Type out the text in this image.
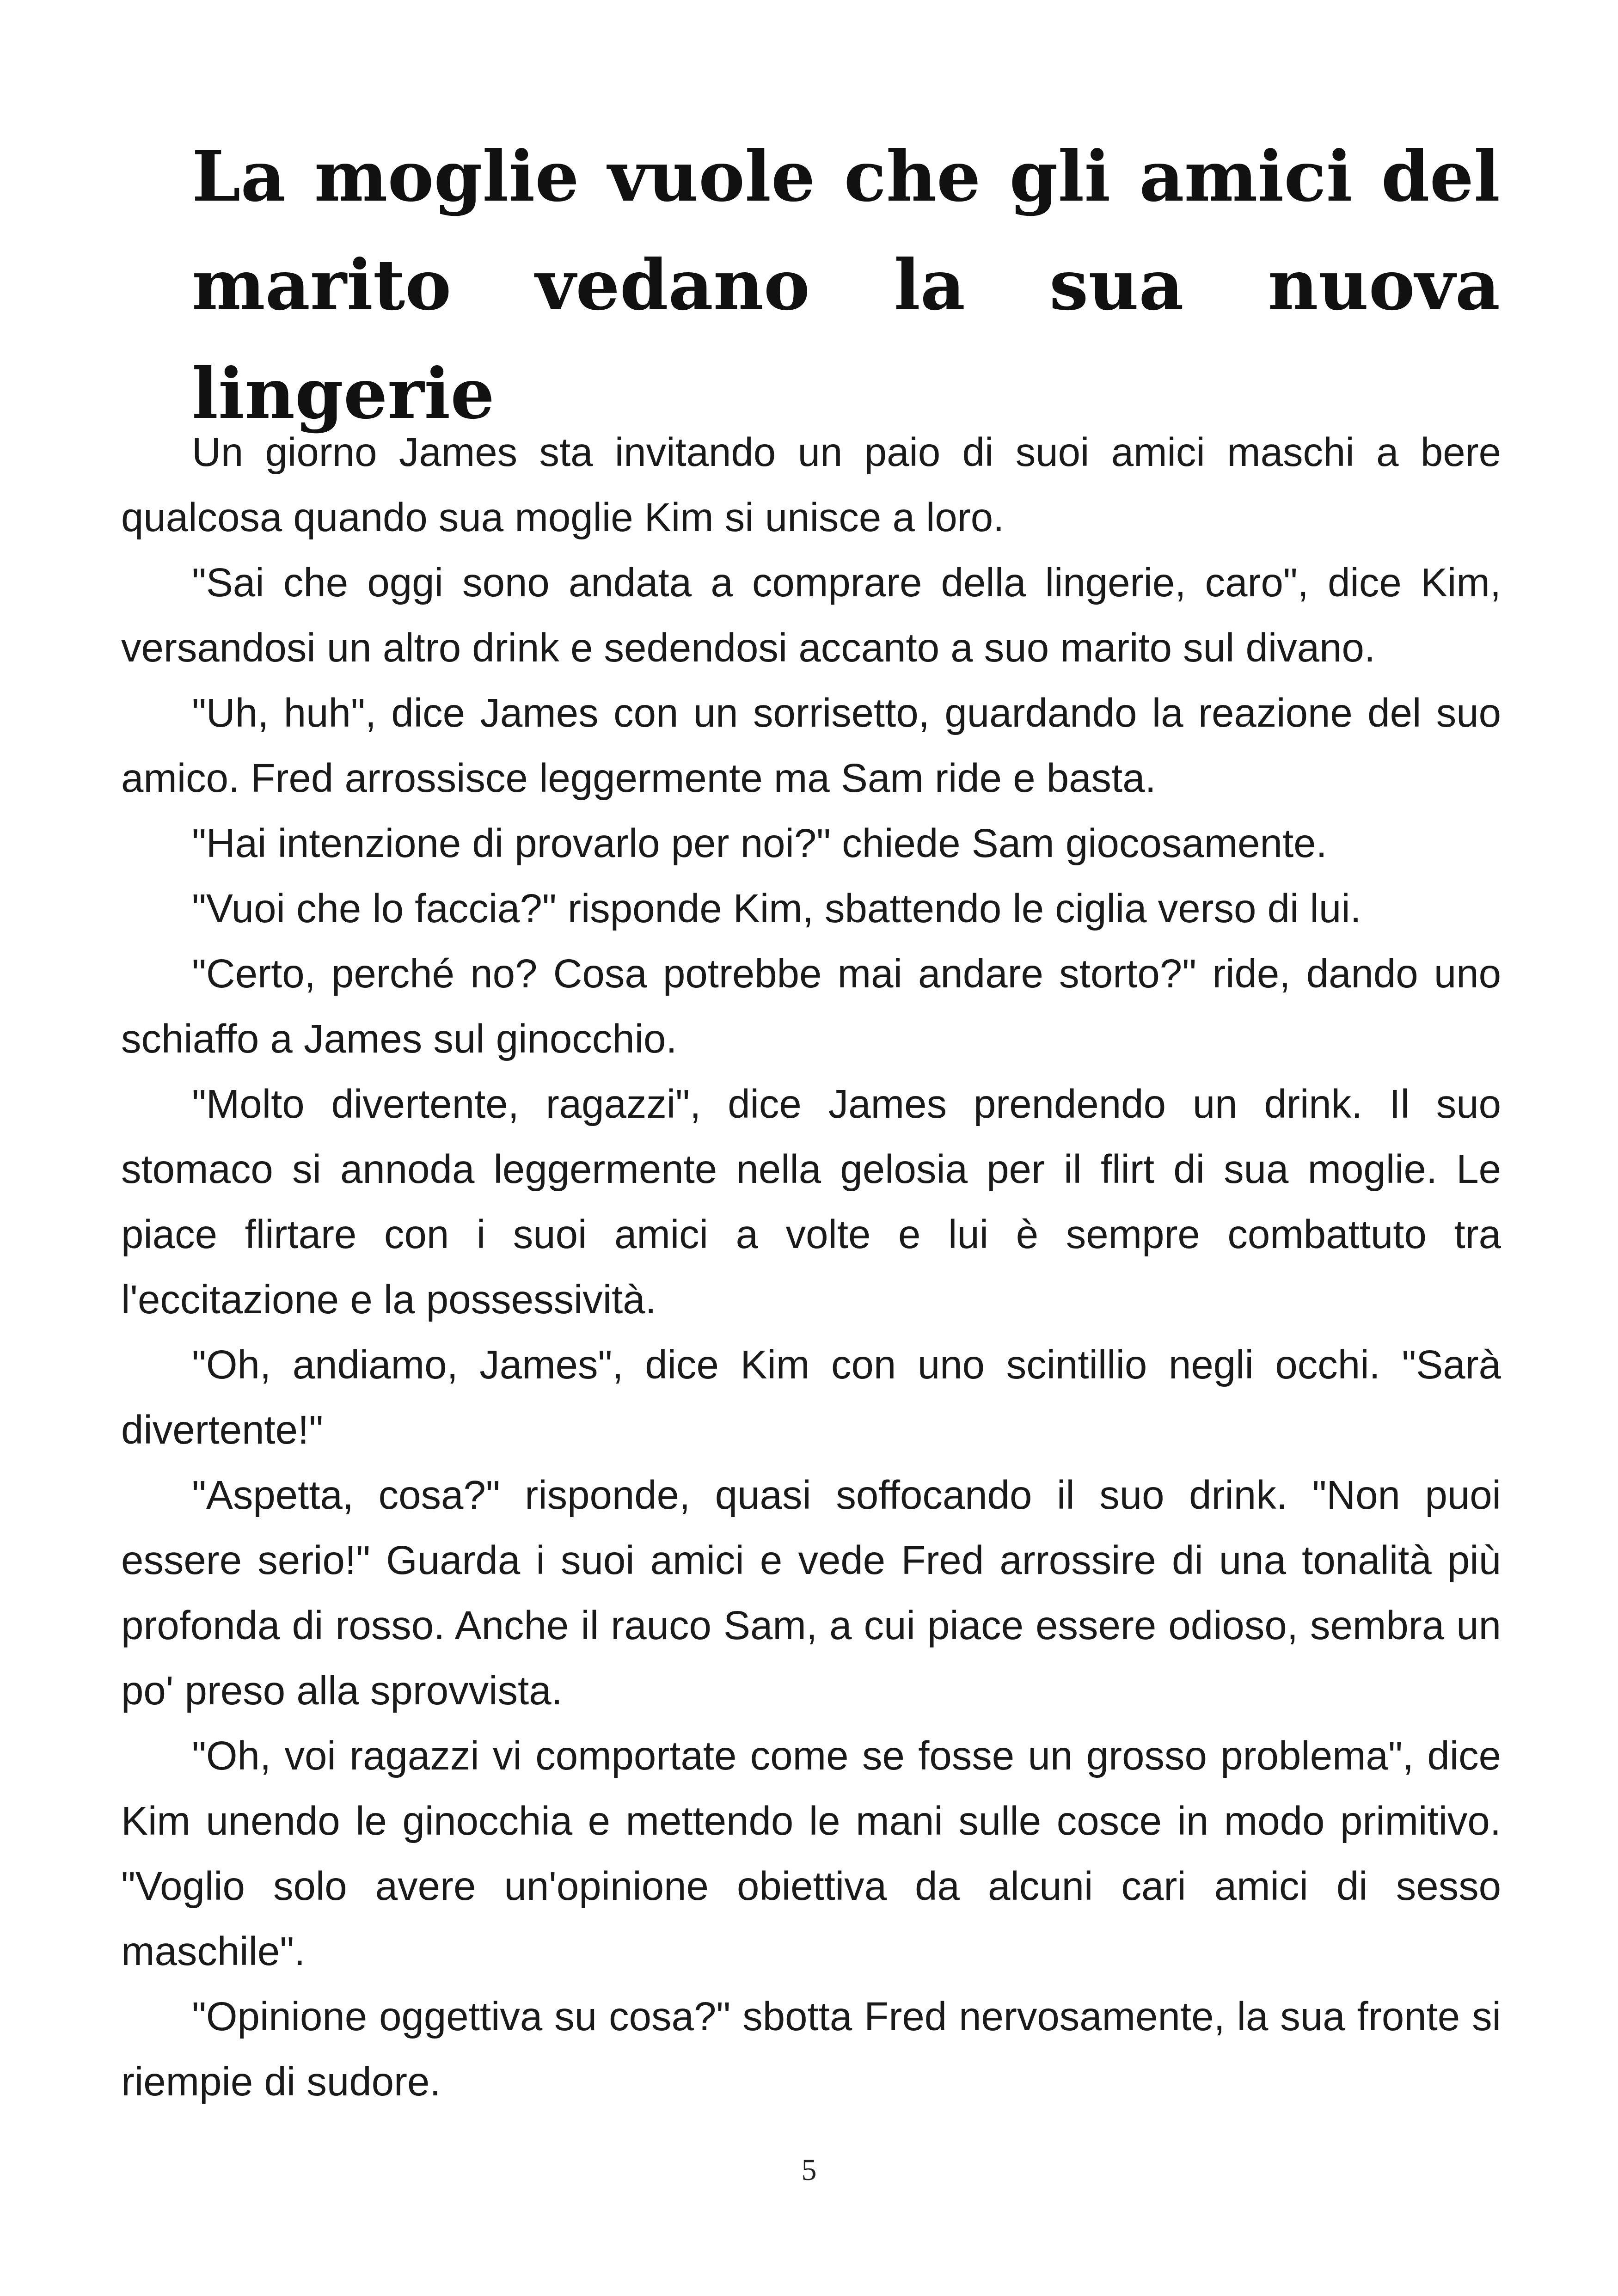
La moglie vuole che gli amici del marito vedano la sua nuova lingerie

Un giorno James sta invitando un paio di suoi amici maschi a bere qualcosa quando sua moglie Kim si unisce a loro.

"Sai che oggi sono andata a comprare della lingerie, caro", dice Kim, versandosi un altro drink e sedendosi accanto a suo marito sul divano.

"Uh, huh", dice James con un sorrisetto, guardando la reazione del suo amico. Fred arrossisce leggermente ma Sam ride e basta.

"Hai intenzione di provarlo per noi?" chiede Sam giocosamente.

"Vuoi che lo faccia?" risponde Kim, sbattendo le ciglia verso di lui.

"Certo, perché no? Cosa potrebbe mai andare storto?" ride, dando uno schiaffo a James sul ginocchio.

"Molto divertente, ragazzi", dice James prendendo un drink. Il suo stomaco si annoda leggermente nella gelosia per il flirt di sua moglie. Le piace flirtare con i suoi amici a volte e lui è sempre combattuto tra l'eccitazione e la possessività.

"Oh, andiamo, James", dice Kim con uno scintillio negli occhi. "Sarà divertente!"

"Aspetta, cosa?" risponde, quasi soffocando il suo drink. "Non puoi essere serio!" Guarda i suoi amici e vede Fred arrossire di una tonalità più profonda di rosso. Anche il rauco Sam, a cui piace essere odioso, sembra un po' preso alla sprovvista.

"Oh, voi ragazzi vi comportate come se fosse un grosso problema", dice Kim unendo le ginocchia e mettendo le mani sulle cosce in modo primitivo. "Voglio solo avere un'opinione obiettiva da alcuni cari amici di sesso maschile".

"Opinione oggettiva su cosa?" sbotta Fred nervosamente, la sua fronte si riempie di sudore.

5
